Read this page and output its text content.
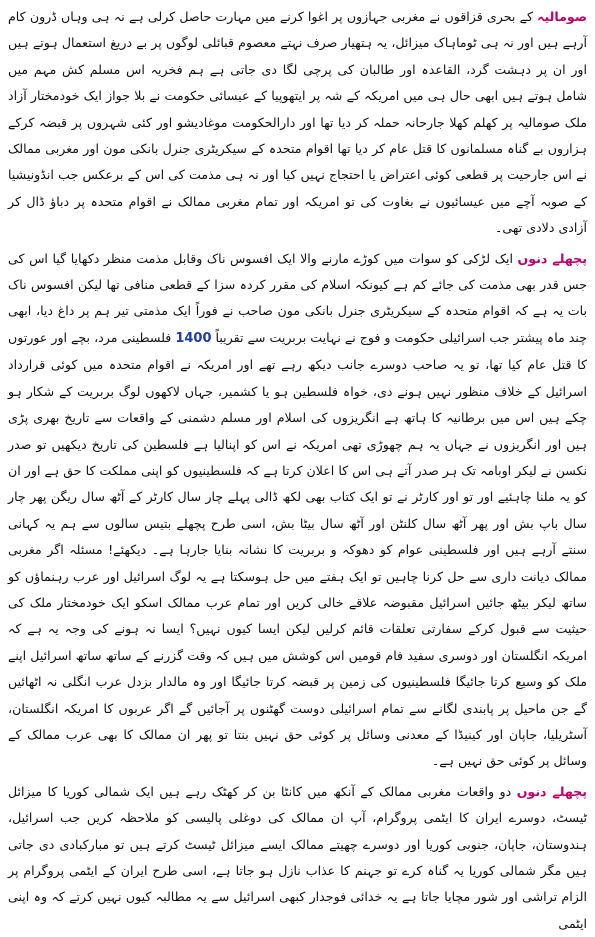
صومالیہ کے بحری قزاقوں نے مغربی جہازوں پر اغوا کرنے میں مہارت حاصل کرلی ہے نہ ہی وہاں ڈرون کام آرہے ہیں اور نہ ہی ٹوماہاک میزائل، یہ ہتھیار صرف نہتے معصوم قبائلی لوگوں پر بے دریغ استعمال ہوتے ہیں اور ان پر دہشت گرد، القاعدہ اور طالبان کی پرچی لگا دی جاتی ہے ہم فخریہ اس مسلم کش مہم میں شامل ہوتے ہیں ابھی حال ہی میں امریکہ کے شہ پر ایتھوپیا کے عیسائی حکومت نے بلا جواز ایک خودمختار آزاد ملک صومالیہ پر کھلم کھلا جارحانہ حملہ کر دیا تھا اور دارالحکومت موغادیشو اور کئی شہروں پر قبضہ کرکے ہزاروں بے گناہ مسلمانوں کا قتل عام کر دیا تھا اقوام متحدہ کے سیکریٹری جنرل بانکی مون اور مغربی ممالک نے اس جارحیت پر قطعی کوئی اعتراض یا احتجاج نہیں کیا اور نہ ہی مذمت کی اس کے برعکس جب انڈونیشیا کے صوبہ آچے میں عیسائیوں نے بغاوت کی تو امریکہ اور تمام مغربی ممالک نے اقوام متحدہ پر دباؤ ڈال کر آزادی دلادی تھی۔

پچھلے دنوں ایک لڑکی کو سوات میں کوڑے مارنے والا ایک افسوس ناک وقابل مذمت منظر دکھایا گیا اس کی جس قدر بھی مذمت کی جائے کم ہے کیونکہ اسلام کی مقرر کردہ سزا کے قطعی منافی تھا لیکن افسوس ناک بات یہ ہے کہ اقوام متحدہ کے سیکریٹری جنرل بانکی مون صاحب نے فوراً ایک مذمتی تیر ہم پر داغ دیا، ابھی چند ماہ پیشتر جب اسرائیلی حکومت و فوج نے نہایت بربریت سے تقریباً 1400 فلسطینی مرد، بچے اور عورتوں کا قتل عام کیا تھا، تو یہ صاحب دوسرے جانب دیکھ رہے تھے اور امریکہ نے اقوام متحدہ میں کوئی قرارداد اسرائیل کے خلاف منظور نہیں ہونے دی، خواہ فلسطین ہو یا کشمیر، جہاں لاکھوں لوگ بربریت کے شکار ہو چکے ہیں اس میں برطانیہ کا ہاتھ ہے انگریزوں کی اسلام اور مسلم دشمنی کے واقعات سے تاریخ بھری پڑی ہیں اور انگریزوں نے جہاں یہ ہم چھوڑی تھی امریکہ نے اس کو اپنالیا ہے فلسطین کی تاریخ دیکھیں تو صدر نکسن نے لیکر اوبامہ تک ہر صدر آتے ہی اس کا اعلان کرتا ہے کہ فلسطینیوں کو اپنی مملکت کا حق ہے اور ان کو یہ ملنا چاہئیے اور تو اور کارٹر نے تو ایک کتاب بھی لکھ ڈالی پہلے چار سال کارٹر کے آٹھ سال ریگن پھر چار سال باپ بش اور پھر آٹھ سال کلنٹن اور آٹھ سال بیٹا بش، اسی طرح پچھلے بتیس سالوں سے ہم یہ کہانی سنتے آرہے ہیں اور فلسطینی عوام کو دھوکہ و بربریت کا نشانہ بنایا جارہا ہے۔ دیکھئے! مسئلہ اگر مغربی ممالک دیانت داری سے حل کرنا چاہیں تو ایک ہفتے میں حل ہوسکتا ہے یہ لوگ اسرائیل اور عرب رہنماؤں کو ساتھ لیکر بیٹھ جائیں اسرائیل مقبوضہ علاقے خالی کریں اور تمام عرب ممالک اسکو ایک خودمختار ملک کی حیثیت سے قبول کرکے سفارتی تعلقات قائم کرلیں لیکن ایسا کیوں نہیں؟ ایسا نہ ہونے کی وجہ یہ ہے کہ امریکہ انگلستان اور دوسری سفید فام قومیں اس کوشش میں ہیں کہ وقت گزرنے کے ساتھ ساتھ اسرائیل اپنے ملک کو وسیع کرتا جائیگا فلسطینیوں کی زمین پر قبضہ کرتا جائیگا اور وہ مالدار بزدل عرب انگلی نہ اٹھائیں گے جن ماحیل پر پابندی لگانے سے تمام اسرائیلی دوست گھٹنوں پر آجائیں گے اگر عربوں کا امریکہ انگلستان، آسٹریلیا، جاپان اور کینیڈا کے معدنی وسائل پر کوئی حق نہیں بنتا تو پھر ان ممالک کا بھی عرب ممالک کے وسائل پر کوئی حق نہیں ہے۔

پچھلے دنوں دو واقعات مغربی ممالک کے آنکھ میں کانٹا بن کر کھٹک رہے ہیں ایک شمالی کوریا کا میزائل ٹیسٹ، دوسرے ایران کا ایٹمی پروگرام، آپ ان ممالک کی دوغلی پالیسی کو ملاحظہ کریں جب اسرائیل، ہندوستان، جاپان، جنوبی کوریا اور دوسرے چھیتے ممالک ایسے میزائل ٹیسٹ کرتے ہیں تو مبارکبادی دی جاتی ہیں مگر شمالی کوریا یہ گناہ کرے تو جہنم کا عذاب نازل ہو جاتا ہے، اسی طرح ایران کے ایٹمی پروگرام پر الزام تراشی اور شور مچایا جاتا ہے یہ خدائی فوجدار کبھی اسرائیل سے یہ مطالبہ کیوں نہیں کرتے کہ وہ اپنی ایٹمی
